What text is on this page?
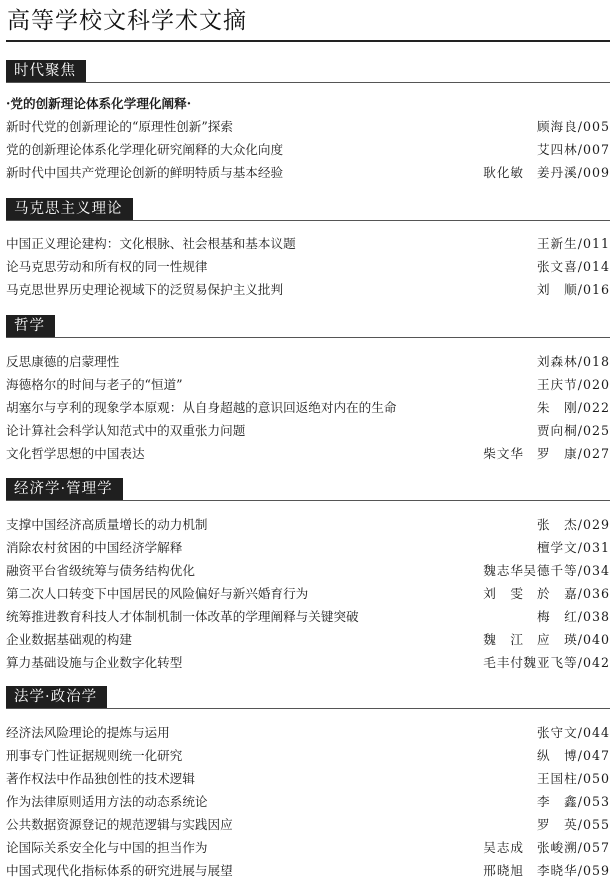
高等学校文科学术文摘
时代聚焦
·党的创新理论体系化学理化阐释·
新时代党的创新理论的“原理性创新”探索	顾海良/005
党的创新理论体系化学理化研究阐释的大众化向度	艾四林/007
新时代中国共产党理论创新的鲜明特质与基本经验	耿化敏 姜丹溪/009
马克思主义理论
中国正义理论建构：文化根脉、社会根基和基本议题	王新生/011
论马克思劳动和所有权的同一性规律	张文喜/014
马克思世界历史理论视域下的泛贸易保护主义批判	刘　顺/016
哲学
反思康德的启蒙理性	刘森林/018
海德格尔的时间与老子的“恒道”	王庆节/020
胡塞尔与亨利的现象学本原观：从自身超越的意识回返绝对内在的生命	朱　刚/022
论计算社会科学认知范式中的双重张力问题	贾向桐/025
文化哲学思想的中国表达	柴文华 罗　康/027
经济学·管理学
支撑中国经济高质量增长的动力机制	张　杰/029
消除农村贫困的中国经济学解释	檀学文/031
融资平台省级统筹与债务结构优化	魏志华 吴德千等/034
第二次人口转变下中国居民的风险偏好与新兴婚育行为	刘　雯 於　嘉/036
统筹推进教育科技人才体制机制一体改革的学理阐释与关键突破	梅　红/038
企业数据基础观的构建	魏　江 应　瑛/040
算力基础设施与企业数字化转型	毛丰付 魏亚飞等/042
法学·政治学
经济法风险理论的提炼与运用	张守文/044
刑事专门性证据规则统一化研究	纵　博/047
著作权法中作品独创性的技术逻辑	王国柱/050
作为法律原则适用方法的动态系统论	李　鑫/053
公共数据资源登记的规范逻辑与实践因应	罗　英/055
论国际关系安全化与中国的担当作为	吴志成 张峻溯/057
中国式现代化指标体系的研究进展与展望	邢晓旭 李晓华/059
